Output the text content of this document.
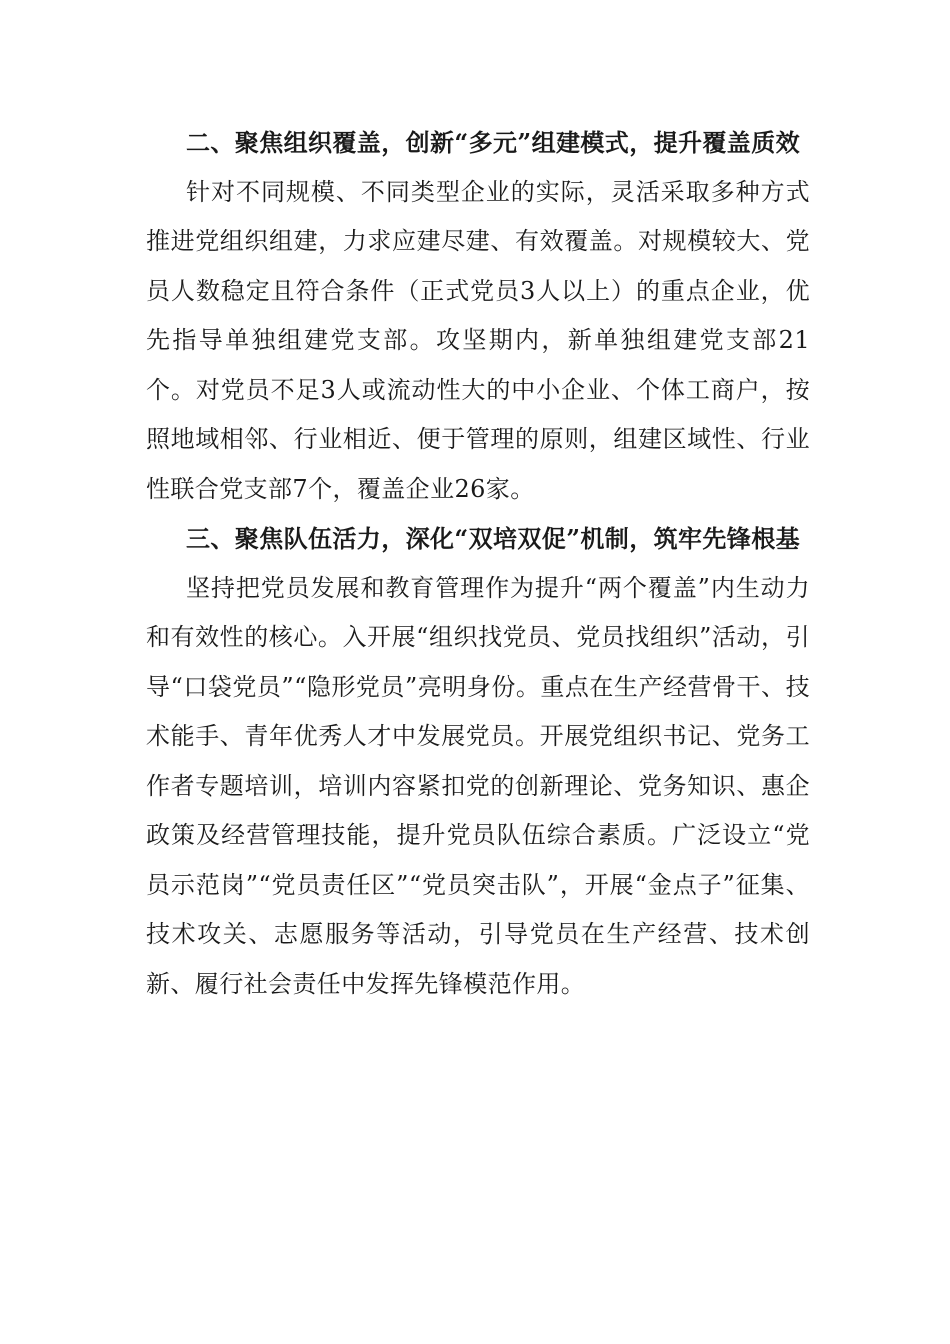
二、聚焦组织覆盖，创新“多元”组建模式，提升覆盖质效

针对不同规模、不同类型企业的实际，灵活采取多种方式推进党组织组建，力求应建尽建、有效覆盖。对规模较大、党员人数稳定且符合条件（正式党员3人以上）的重点企业，优先指导单独组建党支部。攻坚期内，新单独组建党支部21个。对党员不足3人或流动性大的中小企业、个体工商户，按照地域相邻、行业相近、便于管理的原则，组建区域性、行业性联合党支部7个，覆盖企业26家。

三、聚焦队伍活力，深化“双培双促”机制，筑牢先锋根基

坚持把党员发展和教育管理作为提升“两个覆盖”内生动力和有效性的核心。入开展“组织找党员、党员找组织”活动，引导“口袋党员”“隐形党员”亮明身份。重点在生产经营骨干、技术能手、青年优秀人才中发展党员。开展党组织书记、党务工作者专题培训，培训内容紧扣党的创新理论、党务知识、惠企政策及经营管理技能，提升党员队伍综合素质。广泛设立“党员示范岗”“党员责任区”“党员突击队”，开展“金点子”征集、技术攻关、志愿服务等活动，引导党员在生产经营、技术创新、履行社会责任中发挥先锋模范作用。
